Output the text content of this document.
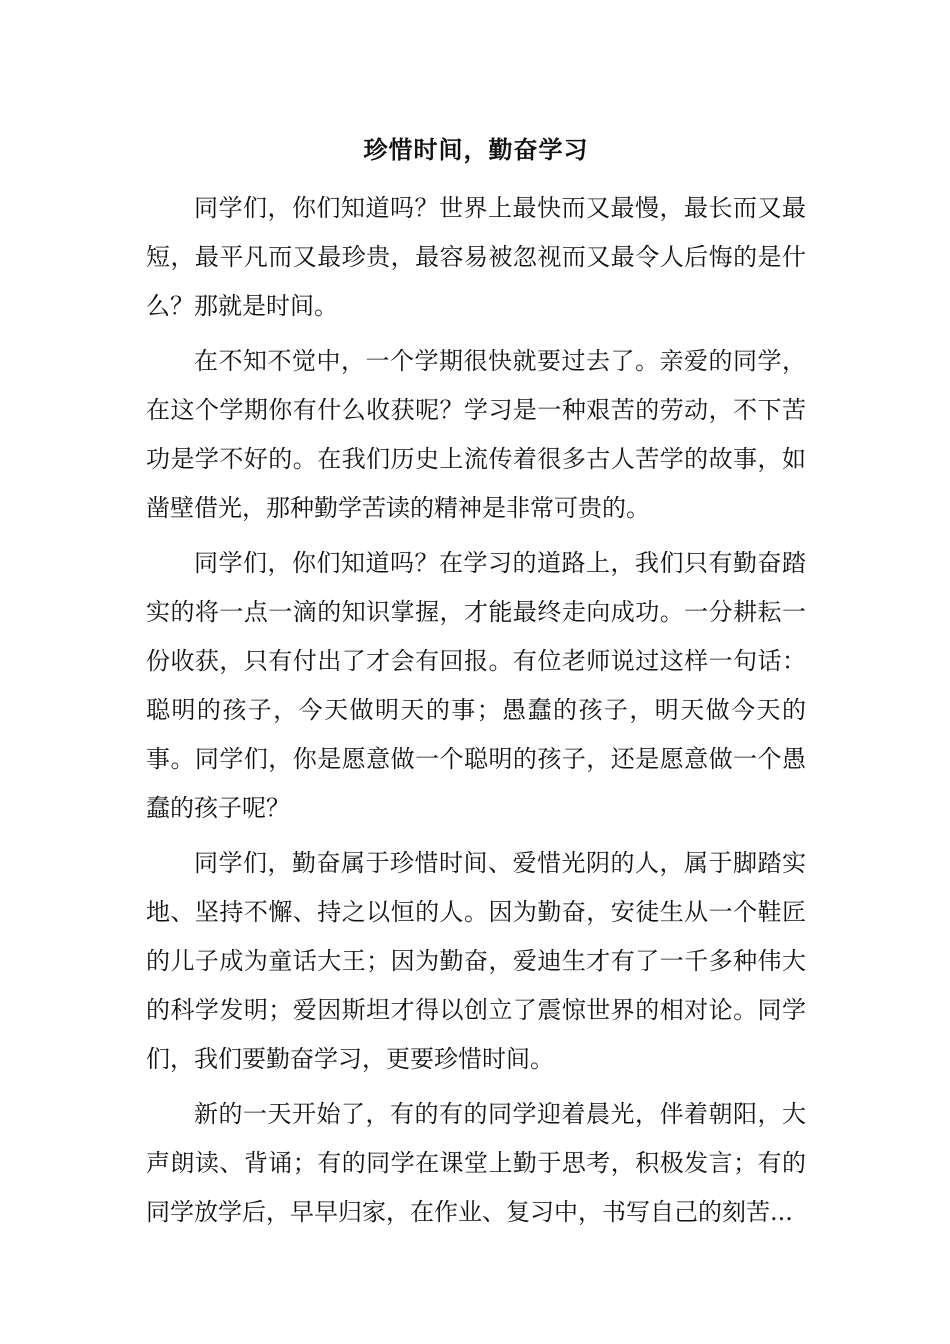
珍惜时间，勤奋学习

同学们，你们知道吗？世界上最快而又最慢，最长而又最短，最平凡而又最珍贵，最容易被忽视而又最令人后悔的是什么？那就是时间。

在不知不觉中，一个学期很快就要过去了。亲爱的同学，在这个学期你有什么收获呢？学习是一种艰苦的劳动，不下苦功是学不好的。在我们历史上流传着很多古人苦学的故事，如凿壁借光，那种勤学苦读的精神是非常可贵的。

同学们，你们知道吗？在学习的道路上，我们只有勤奋踏实的将一点一滴的知识掌握，才能最终走向成功。一分耕耘一份收获，只有付出了才会有回报。有位老师说过这样一句话：聪明的孩子，今天做明天的事；愚蠢的孩子，明天做今天的事。同学们，你是愿意做一个聪明的孩子，还是愿意做一个愚蠢的孩子呢？

同学们，勤奋属于珍惜时间、爱惜光阴的人，属于脚踏实地、坚持不懈、持之以恒的人。因为勤奋，安徒生从一个鞋匠的儿子成为童话大王；因为勤奋，爱迪生才有了一千多种伟大的科学发明；爱因斯坦才得以创立了震惊世界的相对论。同学们，我们要勤奋学习，更要珍惜时间。

新的一天开始了，有的有的同学迎着晨光，伴着朝阳，大声朗读、背诵；有的同学在课堂上勤于思考，积极发言；有的同学放学后，早早归家，在作业、复习中，书写自己的刻苦...
